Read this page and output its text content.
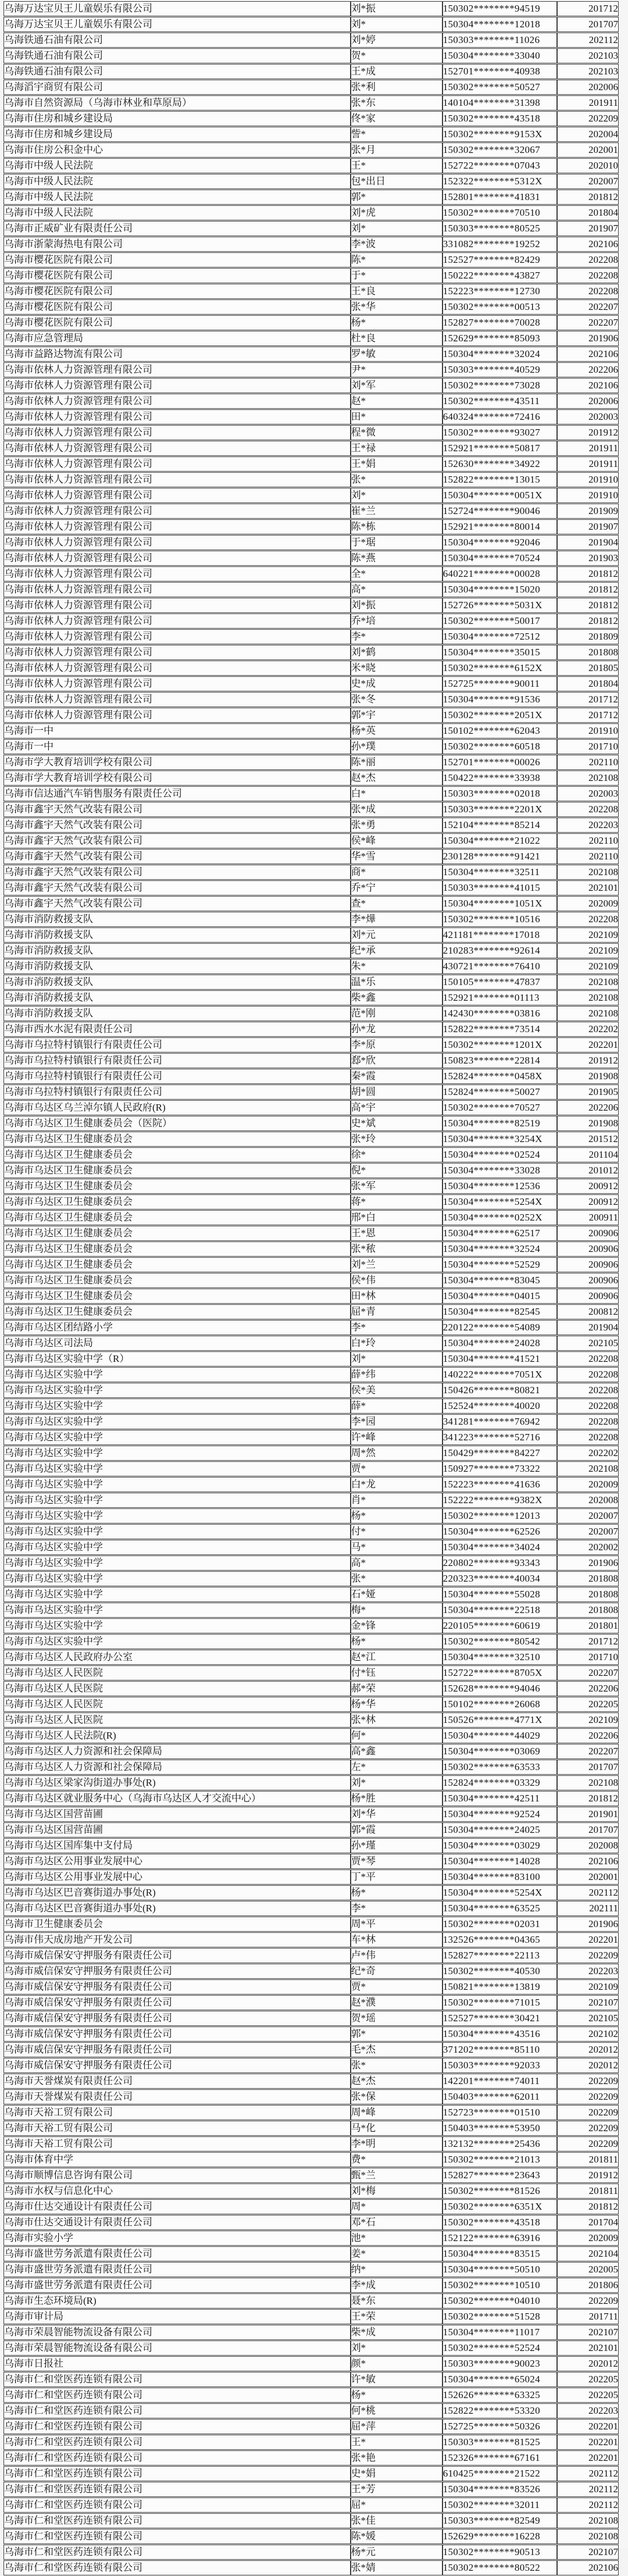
乌海万达宝贝王儿童娱乐有限公司	刘*振	150302********94519	201712
乌海万达宝贝王儿童娱乐有限公司	刘*	150304********12018	201707
乌海铁通石油有限公司	刘*婷	150303********11026	202112
乌海铁通石油有限公司	贺*	150304********33040	202103
乌海铁通石油有限公司	王*成	152701********40938	202103
乌海滔宇商贸有限公司	张*利	150302********50527	202006
乌海市自然资源局（乌海市林业和草原局）	张*东	140104********31398	201911
乌海市住房和城乡建设局	佟*家	150302********43518	202209
乌海市住房和城乡建设局	訾*	150302********9153X	202004
乌海市住房公积金中心	张*月	150302********32067	202001
乌海市中级人民法院	王*	152722********07043	202010
乌海市中级人民法院	包*出日	152322********5312X	202007
乌海市中级人民法院	郭*	152801********41831	201812
乌海市中级人民法院	刘*虎	150302********70510	201804
乌海市正威矿业有限责任公司	刘*	150303********80525	201907
乌海市浙蒙海热电有限公司	李*波	331082********19252	202106
乌海市樱花医院有限公司	陈*	152527********82429	202208
乌海市樱花医院有限公司	于*	150222********43827	202208
乌海市樱花医院有限公司	王*良	152223********12730	202208
乌海市樱花医院有限公司	张*华	150302********00513	202207
乌海市樱花医院有限公司	杨*	152827********70028	202207
乌海市应急管理局	杜*良	152629********85093	201906
乌海市益路达物流有限公司	罗*敏	150304********32024	202106
乌海市依林人力资源管理有限公司	尹*	150303********40529	202206
乌海市依林人力资源管理有限公司	刘*军	150302********73028	202106
乌海市依林人力资源管理有限公司	赵*	150302********43511	202006
乌海市依林人力资源管理有限公司	田*	640324********72416	202003
乌海市依林人力资源管理有限公司	程*微	150302********93027	201912
乌海市依林人力资源管理有限公司	王*禄	152921********50817	201911
乌海市依林人力资源管理有限公司	王*娟	152630********34922	201911
乌海市依林人力资源管理有限公司	张*	152822********13015	201910
乌海市依林人力资源管理有限公司	刘*	150304********0051X	201910
乌海市依林人力资源管理有限公司	崔*兰	152724********90046	201909
乌海市依林人力资源管理有限公司	陈*栋	152921********80014	201907
乌海市依林人力资源管理有限公司	于*琚	150304********92046	201904
乌海市依林人力资源管理有限公司	陈*燕	150304********70524	201903
乌海市依林人力资源管理有限公司	全*	640221********00028	201812
乌海市依林人力资源管理有限公司	高*	150304********15020	201812
乌海市依林人力资源管理有限公司	刘*振	152726********5031X	201812
乌海市依林人力资源管理有限公司	乔*培	150302********50017	201812
乌海市依林人力资源管理有限公司	李*	150304********72512	201809
乌海市依林人力资源管理有限公司	刘*鹤	150304********35015	201808
乌海市依林人力资源管理有限公司	米*晓	150302********6152X	201805
乌海市依林人力资源管理有限公司	史*成	152725********90011	201804
乌海市依林人力资源管理有限公司	张*冬	150304********91536	201712
乌海市依林人力资源管理有限公司	郭*宇	150302********2051X	201712
乌海市一中	杨*英	150102********62043	201910
乌海市一中	孙*璞	150302********60518	201710
乌海市学大教育培训学校有限公司	陈*丽	152701********00026	202110
乌海市学大教育培训学校有限公司	赵*杰	150422********33938	202108
乌海市信达通汽车销售服务有限责任公司	白*	150303********02018	202003
乌海市鑫宇天然气改装有限公司	张*成	150303********2201X	202208
乌海市鑫宇天然气改装有限公司	张*勇	152104********85214	202203
乌海市鑫宇天然气改装有限公司	侯*峰	150304********21022	202110
乌海市鑫宇天然气改装有限公司	华*雪	230128********91421	202110
乌海市鑫宇天然气改装有限公司	商*	150304********32511	202108
乌海市鑫宇天然气改装有限公司	乔*宁	150303********41015	202101
乌海市鑫宇天然气改装有限公司	查*	150304********1051X	202009
乌海市消防救援支队	李*燁	150302********10516	202208
乌海市消防救援支队	刘*元	421181********17018	202109
乌海市消防救援支队	纪*承	210283********92614	202109
乌海市消防救援支队	朱*	430721********76410	202109
乌海市消防救援支队	温*乐	150105********47837	202108
乌海市消防救援支队	柴*鑫	152921********01113	202108
乌海市消防救援支队	范*刚	142430********03816	202108
乌海市西水水泥有限责任公司	孙*龙	152822********73514	202202
乌海市乌拉特村镇银行有限责任公司	李*原	150302********1201X	202201
乌海市乌拉特村镇银行有限责任公司	郄*欣	150823********22814	201912
乌海市乌拉特村镇银行有限责任公司	秦*霞	152824********0458X	201908
乌海市乌拉特村镇银行有限责任公司	胡*圆	152824********50027	201905
乌海市乌达区乌兰淖尔镇人民政府(R)	高*宇	150302********70527	202206
乌海市乌达区卫生健康委员会（医院）	史*斌	150304********82519	201908
乌海市乌达区卫生健康委员会	张*玲	150304********3254X	201512
乌海市乌达区卫生健康委员会	徐*	150304********02524	201104
乌海市乌达区卫生健康委员会	倪*	150304********33028	201012
乌海市乌达区卫生健康委员会	张*军	150304********12536	200912
乌海市乌达区卫生健康委员会	蒋*	150304********5254X	200912
乌海市乌达区卫生健康委员会	邢*白	150304********0252X	200911
乌海市乌达区卫生健康委员会	王*恩	150304********62517	200906
乌海市乌达区卫生健康委员会	张*秾	150304********32524	200906
乌海市乌达区卫生健康委员会	刘*兰	150304********52529	200906
乌海市乌达区卫生健康委员会	侯*伟	150304********83045	200906
乌海市乌达区卫生健康委员会	田*林	150304********04015	200906
乌海市乌达区卫生健康委员会	屈*青	150304********82545	200812
乌海市乌达区团结路小学	李*	220122********54089	201904
乌海市乌达区司法局	白*玲	150304********24028	202105
乌海市乌达区实验中学（R）	刘*	150304********41521	202208
乌海市乌达区实验中学	薛*纬	140222********7051X	202208
乌海市乌达区实验中学	侯*美	150426********80821	202208
乌海市乌达区实验中学	薛*	152524********40020	202208
乌海市乌达区实验中学	李*园	341281********76942	202208
乌海市乌达区实验中学	许*峰	341223********52716	202208
乌海市乌达区实验中学	周*然	150429********84227	202202
乌海市乌达区实验中学	贾*	150927********73322	202108
乌海市乌达区实验中学	白*龙	152223********41636	202009
乌海市乌达区实验中学	肖*	152222********9382X	202008
乌海市乌达区实验中学	杨*	150302********12013	202007
乌海市乌达区实验中学	付*	150304********62526	202007
乌海市乌达区实验中学	马*	150304********34024	202002
乌海市乌达区实验中学	高*	220802********93343	201906
乌海市乌达区实验中学	张*	220323********40034	201808
乌海市乌达区实验中学	石*娅	150304********55028	201808
乌海市乌达区实验中学	梅*	150304********22518	201808
乌海市乌达区实验中学	金*锋	220105********60619	201801
乌海市乌达区实验中学	杨*	150302********80542	201712
乌海市乌达区人民政府办公室	赵*江	150304********32510	201710
乌海市乌达区人民医院	付*钰	152722********8705X	202207
乌海市乌达区人民医院	郝*荣	152628********94046	202206
乌海市乌达区人民医院	杨*华	150102********26068	202205
乌海市乌达区人民医院	张*林	150526********4771X	202109
乌海市乌达区人民法院(R)	何*	150304********44029	202206
乌海市乌达区人力资源和社会保障局	高*鑫	150304********03069	202207
乌海市乌达区人力资源和社会保障局	左*	150302********63533	201707
乌海市乌达区梁家沟街道办事处(R)	刘*	152824********03329	202108
乌海市乌达区就业服务中心（乌海市乌达区人才交流中心）	杨*胜	150304********42511	201812
乌海市乌达区国营苗圃	刘*华	150304********92524	201901
乌海市乌达区国营苗圃	郭*霞	150304********24025	201707
乌海市乌达区国库集中支付局	孙*瑾	150304********03029	202008
乌海市乌达区公用事业发展中心	贾*琴	150304********14028	202106
乌海市乌达区公用事业发展中心	丁*平	150304********83100	202001
乌海市乌达区巴音赛街道办事处(R)	杨*	150304********5254X	202112
乌海市乌达区巴音赛街道办事处(R)	李*	150304********63525	202111
乌海市卫生健康委员会	周*平	150302********02031	201906
乌海市伟天成房地产开发公司	车*林	132526********04365	202201
乌海市威信保安守押服务有限责任公司	卢*伟	152827********22113	202209
乌海市威信保安守押服务有限责任公司	纪*奇	150302********40530	202203
乌海市威信保安守押服务有限责任公司	贾*	150821********13819	202109
乌海市威信保安守押服务有限责任公司	赵*濮	150302********71015	202107
乌海市威信保安守押服务有限责任公司	贺*瑶	152527********30421	202105
乌海市威信保安守押服务有限责任公司	郭*	150304********43516	202102
乌海市威信保安守押服务有限责任公司	毛*杰	371202********85110	202012
乌海市威信保安守押服务有限责任公司	张*	150303********92033	202012
乌海市天誉煤炭有限责任公司	赵*杰	142201********74011	202209
乌海市天誉煤炭有限责任公司	张*保	150403********62011	202209
乌海市天裕工贸有限公司	周*峰	152723********01510	202209
乌海市天裕工贸有限公司	马*化	150403********53950	202209
乌海市天裕工贸有限公司	李*明	132132********25436	202209
乌海市体育中学	费*	150302********21013	201811
乌海市顺博信息咨询有限公司	甄*兰	152827********23643	201912
乌海市水权与信息化中心	刘*梅	150302********81526	201811
乌海市仕达交通设计有限责任公司	周*	150302********6351X	201812
乌海市仕达交通设计有限责任公司	邓*石	150302********43518	201704
乌海市实验小学	池*	152122********63916	202009
乌海市盛世劳务派遣有限责任公司	姜*	150304********83515	202104
乌海市盛世劳务派遣有限责任公司	纳*	150304********50510	202005
乌海市盛世劳务派遣有限责任公司	李*成	150302********10510	201806
乌海市生态环境局(R)	聂*东	150302********04010	202209
乌海市审计局	王*荣	150302********51528	201711
乌海市荣晨智能物流设备有限公司	柴*成	150304********11017	202107
乌海市荣晨智能物流设备有限公司	刘*	150302********52524	202101
乌海市日报社	颜*	150303********90023	202012
乌海市仁和堂医药连锁有限公司	许*敏	150304********65024	202205
乌海市仁和堂医药连锁有限公司	杨*	152626********63325	202205
乌海市仁和堂医药连锁有限公司	何*桃	152822********53320	202203
乌海市仁和堂医药连锁有限公司	屈*萍	152725********50326	202201
乌海市仁和堂医药连锁有限公司	王*	150303********81525	202201
乌海市仁和堂医药连锁有限公司	张*艳	152326********67161	202201
乌海市仁和堂医药连锁有限公司	史*娟	610425********21522	202112
乌海市仁和堂医药连锁有限公司	王*芳	150304********83526	202112
乌海市仁和堂医药连锁有限公司	屈*	150302********32011	202112
乌海市仁和堂医药连锁有限公司	张*佳	150303********82549	202108
乌海市仁和堂医药连锁有限公司	陈*媛	152629********16228	202108
乌海市仁和堂医药连锁有限公司	杨*元	150302********90513	202107
乌海市仁和堂医药连锁有限公司	张*婧	150302********80522	202106
